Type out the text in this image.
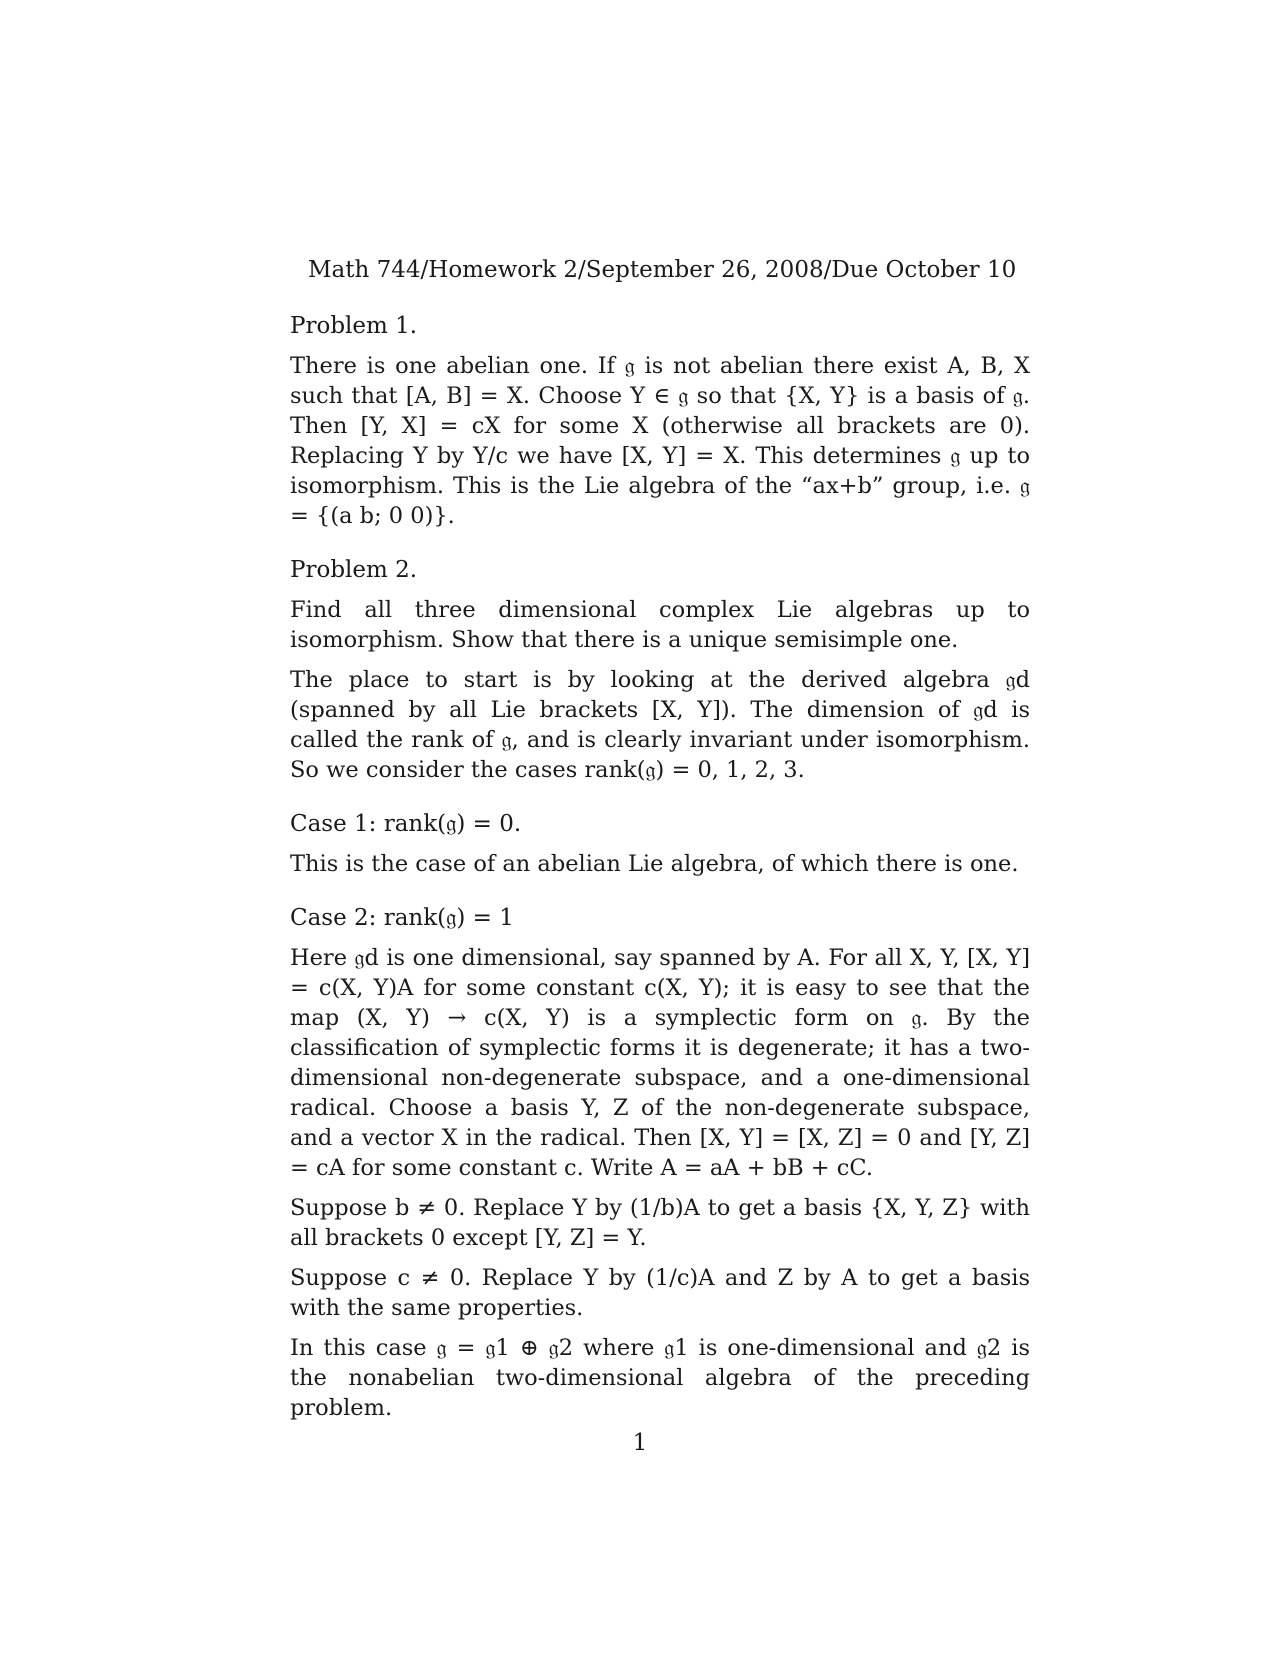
Math 744/Homework 2/September 26, 2008/Due October 10
Problem 1.
There is one abelian one. If 𝔤 is not abelian there exist A, B, X such that [A, B] = X. Choose Y ∈ 𝔤 so that {X, Y} is a basis of 𝔤. Then [Y, X] = cX for some X (otherwise all brackets are 0). Replacing Y by Y/c we have [X, Y] = X. This determines 𝔤 up to isomorphism. This is the Lie algebra of the “ax+b” group, i.e. 𝔤 = {(a b; 0 0)}.
Problem 2.
Find all three dimensional complex Lie algebras up to isomorphism. Show that there is a unique semisimple one.
The place to start is by looking at the derived algebra 𝔤d (spanned by all Lie brackets [X, Y]). The dimension of 𝔤d is called the rank of 𝔤, and is clearly invariant under isomorphism. So we consider the cases rank(𝔤) = 0, 1, 2, 3.
Case 1: rank(𝔤) = 0.
This is the case of an abelian Lie algebra, of which there is one.
Case 2: rank(𝔤) = 1
Here 𝔤d is one dimensional, say spanned by A. For all X, Y, [X, Y] = c(X, Y)A for some constant c(X, Y); it is easy to see that the map (X, Y) → c(X, Y) is a symplectic form on 𝔤. By the classification of symplectic forms it is degenerate; it has a two-dimensional non-degenerate subspace, and a one-dimensional radical. Choose a basis Y, Z of the non-degenerate subspace, and a vector X in the radical. Then [X, Y] = [X, Z] = 0 and [Y, Z] = cA for some constant c. Write A = aA + bB + cC.
Suppose b ≠ 0. Replace Y by (1/b)A to get a basis {X, Y, Z} with all brackets 0 except [Y, Z] = Y.
Suppose c ≠ 0. Replace Y by (1/c)A and Z by A to get a basis with the same properties.
In this case 𝔤 = 𝔤1 ⊕ 𝔤2 where 𝔤1 is one-dimensional and 𝔤2 is the nonabelian two-dimensional algebra of the preceding problem.
1
